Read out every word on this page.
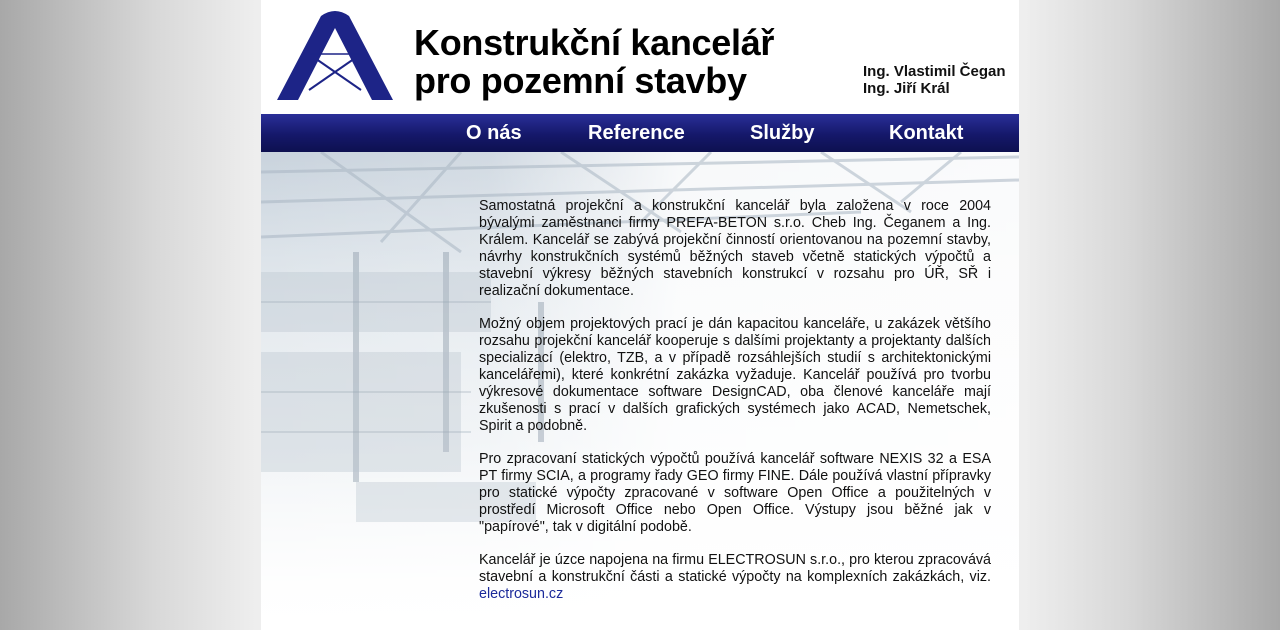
Konstrukční kancelář
pro pozemní stavby	Ing. Vlastimil Čegan
Ing. Jiří Král
O nás	Reference	Služby	Kontakt

Samostatná projekční a konstrukční kancelář byla založena v roce 2004 bývalými zaměstnanci firmy PREFA-BETON s.r.o. Cheb Ing. Čeganem a Ing. Králem. Kancelář se zabývá projekční činností orientovanou na pozemní stavby, návrhy konstrukčních systémů běžných staveb včetně statických výpočtů a stavební výkresy běžných stavebních konstrukcí v rozsahu pro ÚŘ, SŘ i realizační dokumentace.

Možný objem projektových prací je dán kapacitou kanceláře, u zakázek většího rozsahu projekční kancelář kooperuje s dalšími projektanty a projektanty dalších specializací (elektro, TZB, a v případě rozsáhlejších studií s architektonickými kancelářemi), které konkrétní zakázka vyžaduje. Kancelář používá pro tvorbu výkresové dokumentace software DesignCAD, oba členové kanceláře mají zkušenosti s prací v dalších grafických systémech jako ACAD, Nemetschek, Spirit a podobně.

Pro zpracovaní statických výpočtů používá kancelář software NEXIS 32 a ESA PT firmy SCIA, a programy řady GEO firmy FINE. Dále používá vlastní přípravky pro statické výpočty zpracované v software Open Office a použitelných v prostředí Microsoft Office nebo Open Office. Výstupy jsou běžné jak v "papírové", tak v digitální podobě.

Kancelář je úzce napojena na firmu ELECTROSUN s.r.o., pro kterou zpracovává stavební a konstrukční části a statické výpočty na komplexních zakázkách, viz. electrosun.cz
